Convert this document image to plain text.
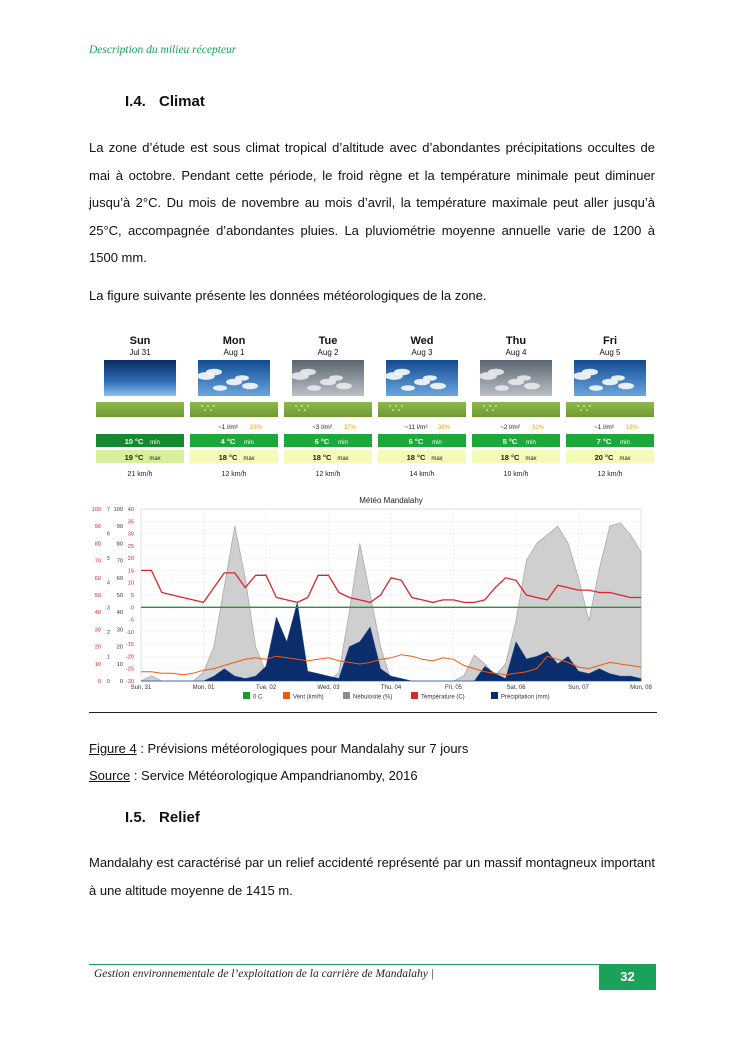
Description du milieu récepteur
I.4. Climat
La zone d’étude est sous climat tropical d’altitude avec d’abondantes précipitations occultes de mai à octobre. Pendant cette période, le froid règne et la température minimale peut diminuer jusqu’à 2°C. Du mois de novembre au mois d’avril, la température maximale peut aller jusqu’à 25°C, accompagnée d’abondantes pluies. La pluviométrie moyenne annuelle varie de 1200 à 1500 mm.
La figure suivante présente les données météorologiques de la zone.
Sun
Jul 31
10 °C min
19 °C max
21 km/h
Mon
Aug 1
~1 l/m² 23%
4 °C min
18 °C max
12 km/h
Tue
Aug 2
~3 l/m² 37%
6 °C min
18 °C max
12 km/h
Wed
Aug 3
~11 l/m² 39%
6 °C min
18 °C max
14 km/h
Thu
Aug 4
~2 l/m² 31%
5 °C min
18 °C max
10 km/h
Fri
Aug 5
~1 l/m² 18%
7 °C min
20 °C max
12 km/h
Météo Mandalahy
Sun, 31	Mon, 01	Tue, 02	Wed, 03	Thu, 04	Fri, 05	Sat, 06	Sun, 07	Mon, 08
100
90
80
70
60
50
40
30
20
10
0
7
6
5
4
3
2
1
0
100
90
80
70
60
50
40
30
20
10
0
40
35
30
25
20
15
10
5
0
-5
-10
-15
-20
-25
-30
0 C	Vent (km/h)	Nébulosité (%)	Température (C)	Précipitation (mm)
Figure 4 : Prévisions météorologiques pour Mandalahy sur 7 jours
Source : Service Météorologique Ampandrianomby, 2016
I.5. Relief
Mandalahy est caractérisé par un relief accidenté représenté par un massif montagneux important à une altitude moyenne de 1415 m.
Gestion environnementale de l’exploitation de la carrière de Mandalahy |	32
